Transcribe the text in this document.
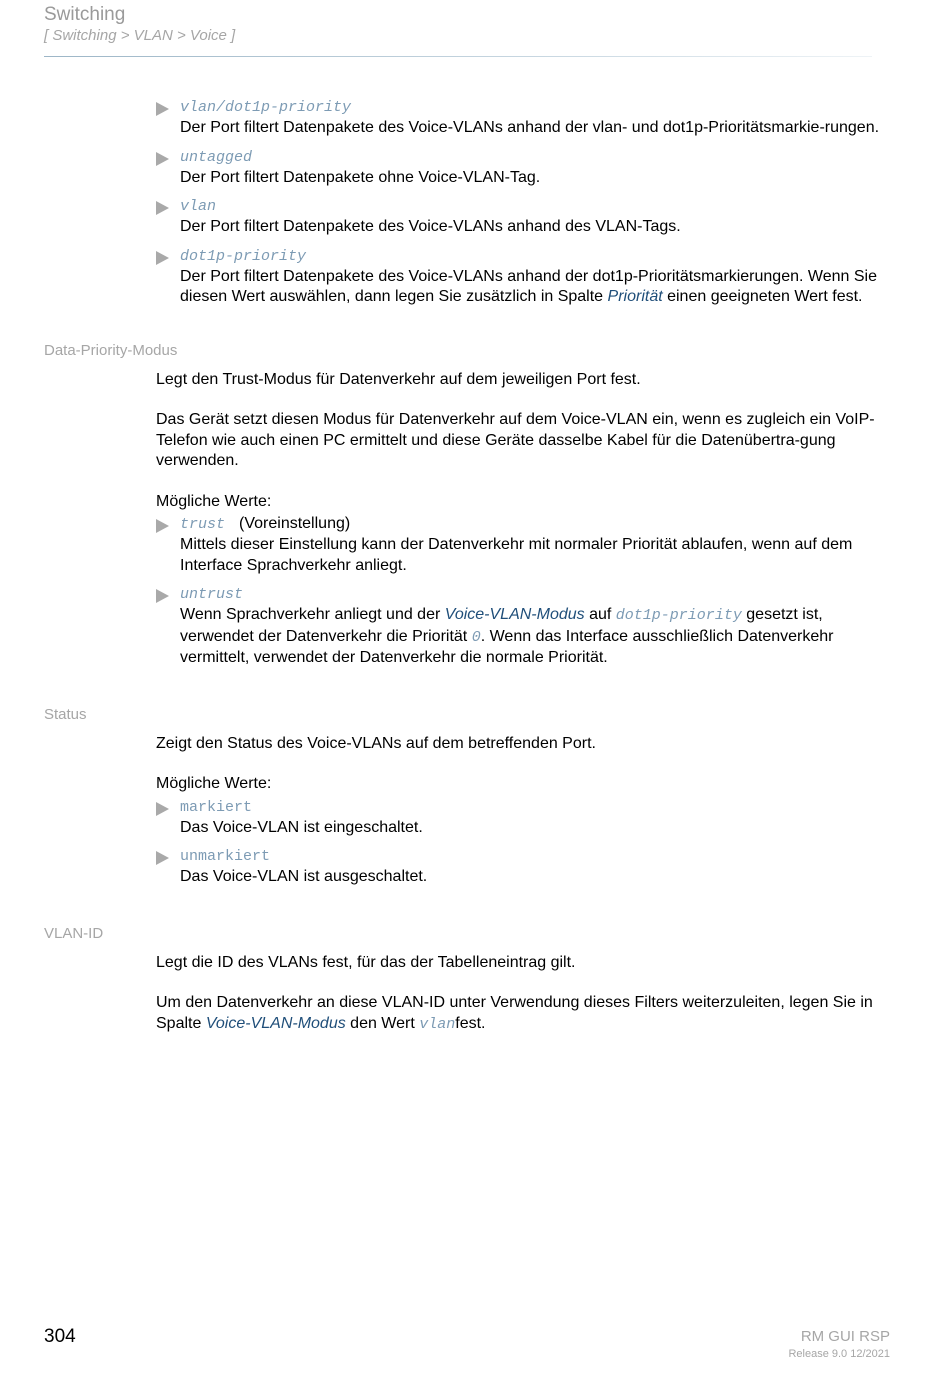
Switching
[ Switching > VLAN > Voice ]
vlan/dot1p-priority
Der Port filtert Datenpakete des Voice-VLANs anhand der vlan- und dot1p-Prioritätsmarkie-rungen.
untagged
Der Port filtert Datenpakete ohne Voice-VLAN-Tag.
vlan
Der Port filtert Datenpakete des Voice-VLANs anhand des VLAN-Tags.
dot1p-priority
Der Port filtert Datenpakete des Voice-VLANs anhand der dot1p-Prioritätsmarkierungen. Wenn Sie diesen Wert auswählen, dann legen Sie zusätzlich in Spalte Priorität einen geeigneten Wert fest.
Data-Priority-Modus
Legt den Trust-Modus für Datenverkehr auf dem jeweiligen Port fest.
Das Gerät setzt diesen Modus für Datenverkehr auf dem Voice-VLAN ein, wenn es zugleich ein VoIP-Telefon wie auch einen PC ermittelt und diese Geräte dasselbe Kabel für die Datenübertra-gung verwenden.
Mögliche Werte:
trust (Voreinstellung)
Mittels dieser Einstellung kann der Datenverkehr mit normaler Priorität ablaufen, wenn auf dem Interface Sprachverkehr anliegt.
untrust
Wenn Sprachverkehr anliegt und der Voice-VLAN-Modus auf dot1p-priority gesetzt ist, verwendet der Datenverkehr die Priorität 0. Wenn das Interface ausschließlich Datenverkehr vermittelt, verwendet der Datenverkehr die normale Priorität.
Status
Zeigt den Status des Voice-VLANs auf dem betreffenden Port.
Mögliche Werte:
markiert
Das Voice-VLAN ist eingeschaltet.
unmarkiert
Das Voice-VLAN ist ausgeschaltet.
VLAN-ID
Legt die ID des VLANs fest, für das der Tabelleneintrag gilt.
Um den Datenverkehr an diese VLAN-ID unter Verwendung dieses Filters weiterzuleiten, legen Sie in Spalte Voice-VLAN-Modus den Wert vlanfest.
304	RM GUI RSP
Release 9.0 12/2021
